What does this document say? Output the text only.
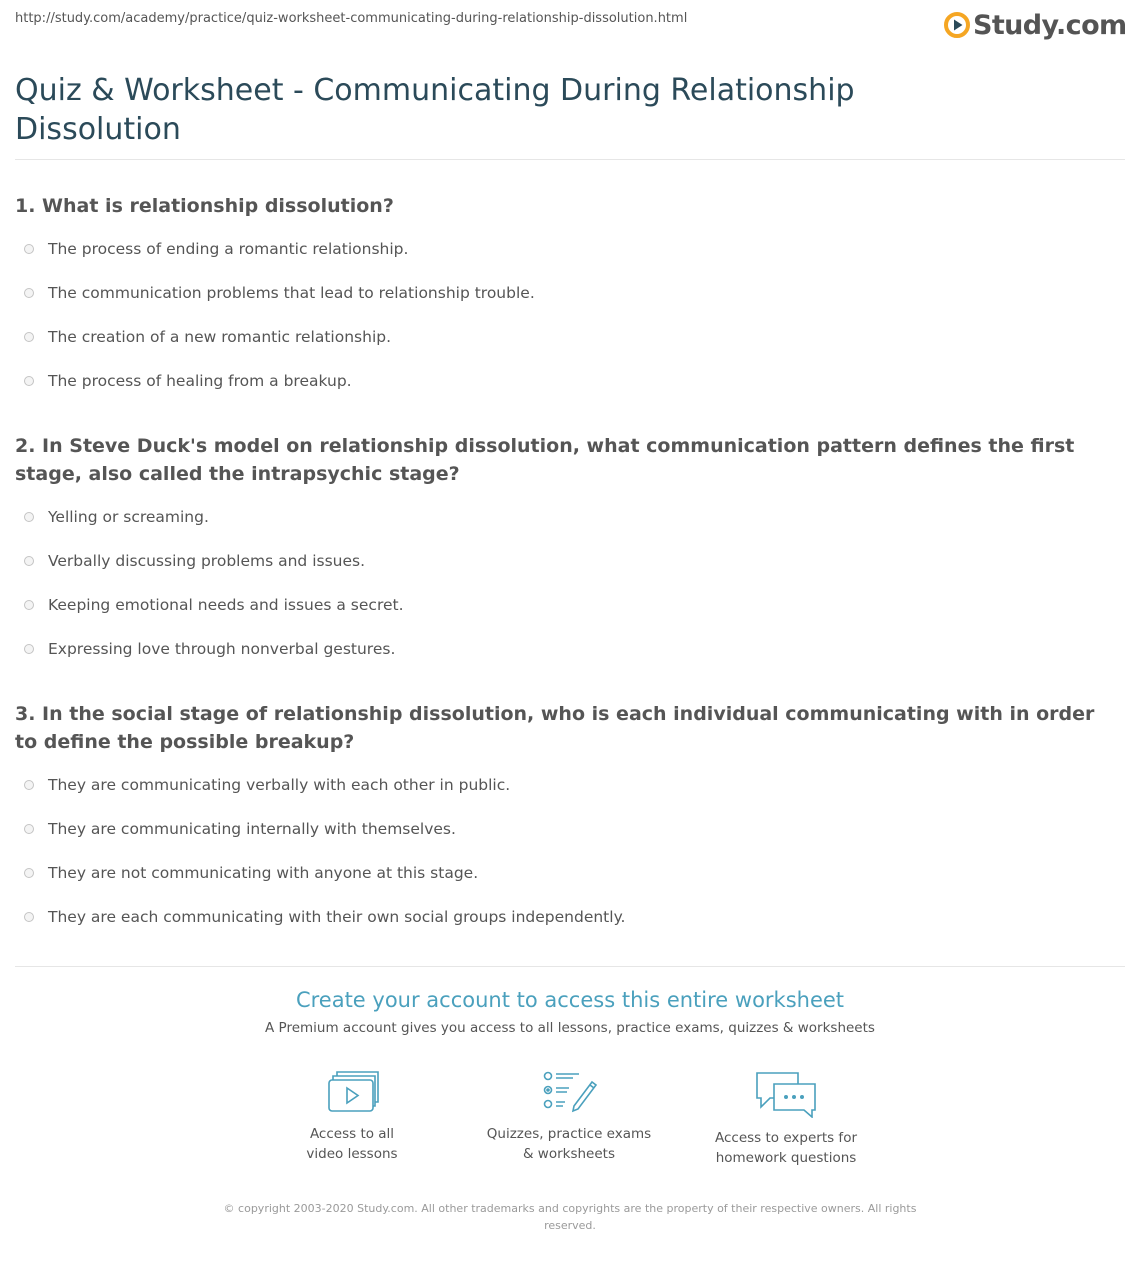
http://study.com/academy/practice/quiz-worksheet-communicating-during-relationship-dissolution.html	Study.com
Quiz & Worksheet - Communicating During Relationship Dissolution
1. What is relationship dissolution?
The process of ending a romantic relationship.
The communication problems that lead to relationship trouble.
The creation of a new romantic relationship.
The process of healing from a breakup.
2. In Steve Duck's model on relationship dissolution, what communication pattern defines the first stage, also called the intrapsychic stage?
Yelling or screaming.
Verbally discussing problems and issues.
Keeping emotional needs and issues a secret.
Expressing love through nonverbal gestures.
3. In the social stage of relationship dissolution, who is each individual communicating with in order to define the possible breakup?
They are communicating verbally with each other in public.
They are communicating internally with themselves.
They are not communicating with anyone at this stage.
They are each communicating with their own social groups independently.
Create your account to access this entire worksheet
A Premium account gives you access to all lessons, practice exams, quizzes & worksheets
Access to all
video lessons
Quizzes, practice exams
& worksheets
Access to experts for
homework questions
© copyright 2003-2020 Study.com. All other trademarks and copyrights are the property of their respective owners. All rights reserved.
